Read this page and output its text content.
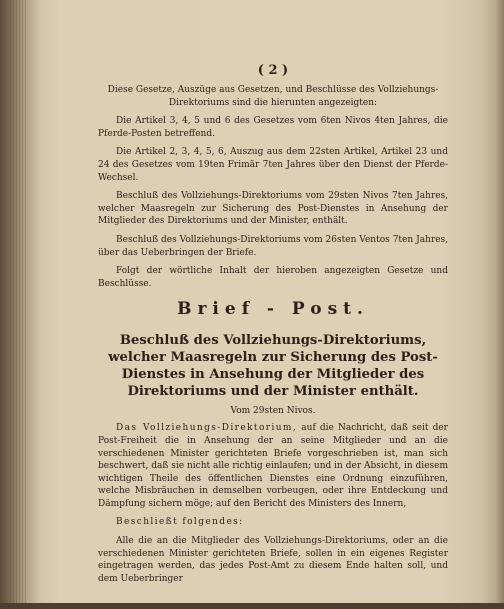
( 2 )

Diese Gesetze, Auszüge aus Gesetzen, und Beschlüsse des Vollziehungs-Direktoriums sind die hierunten angezeigten:

Die Artikel 3, 4, 5 und 6 des Gesetzes vom 6ten Nivos 4ten Jahres, die Pferde-Posten betreffend.

Die Artikel 2, 3, 4, 5, 6, Auszug aus dem 22sten Artikel, Artikel 23 und 24 des Gesetzes vom 19ten Frimär 7ten Jahres über den Dienst der Pferde-Wechsel.

Beschluß des Vollziehungs-Direktoriums vom 29sten Nivos 7ten Jahres, welcher Maasregeln zur Sicherung des Post-Dienstes in Ansehung der Mitglieder des Direktoriums und der Minister, enthält.

Beschluß des Vollziehungs-Direktoriums vom 26sten Ventos 7ten Jahres, über das Ueberbringen der Briefe.

Folgt der wörtliche Inhalt der hieroben angezeigten Gesetze und Beschlüsse.

Brief - Post.
Beschluß des Vollziehungs-Direktoriums, welcher Maasregeln zur Sicherung des Post-Dienstes in Ansehung der Mitglieder des Direktoriums und der Minister enthält.
Vom 29sten Nivos.

Das Vollziehungs-Direktorium, auf die Nachricht, daß seit der Post-Freiheit die in Ansehung der an seine Mitglieder und an die verschiedenen Minister gerichteten Briefe vorgeschrieben ist, man sich beschwert, daß sie nicht alle richtig einlaufen; und in der Absicht, in diesem wichtigen Theile des öffentlichen Dienstes eine Ordnung einzuführen, welche Misbräuchen in demselben vorbeugen, oder ihre Entdeckung und Dämpfung sichern möge; auf den Bericht des Ministers des Innern,

Beschließt folgendes:

Alle die an die Mitglieder des Vollziehungs-Direktoriums, oder an die verschiedenen Minister gerichteten Briefe, sollen in ein eigenes Register eingetragen werden, das jedes Post-Amt zu diesem Ende halten soll, und dem Ueberbringer
